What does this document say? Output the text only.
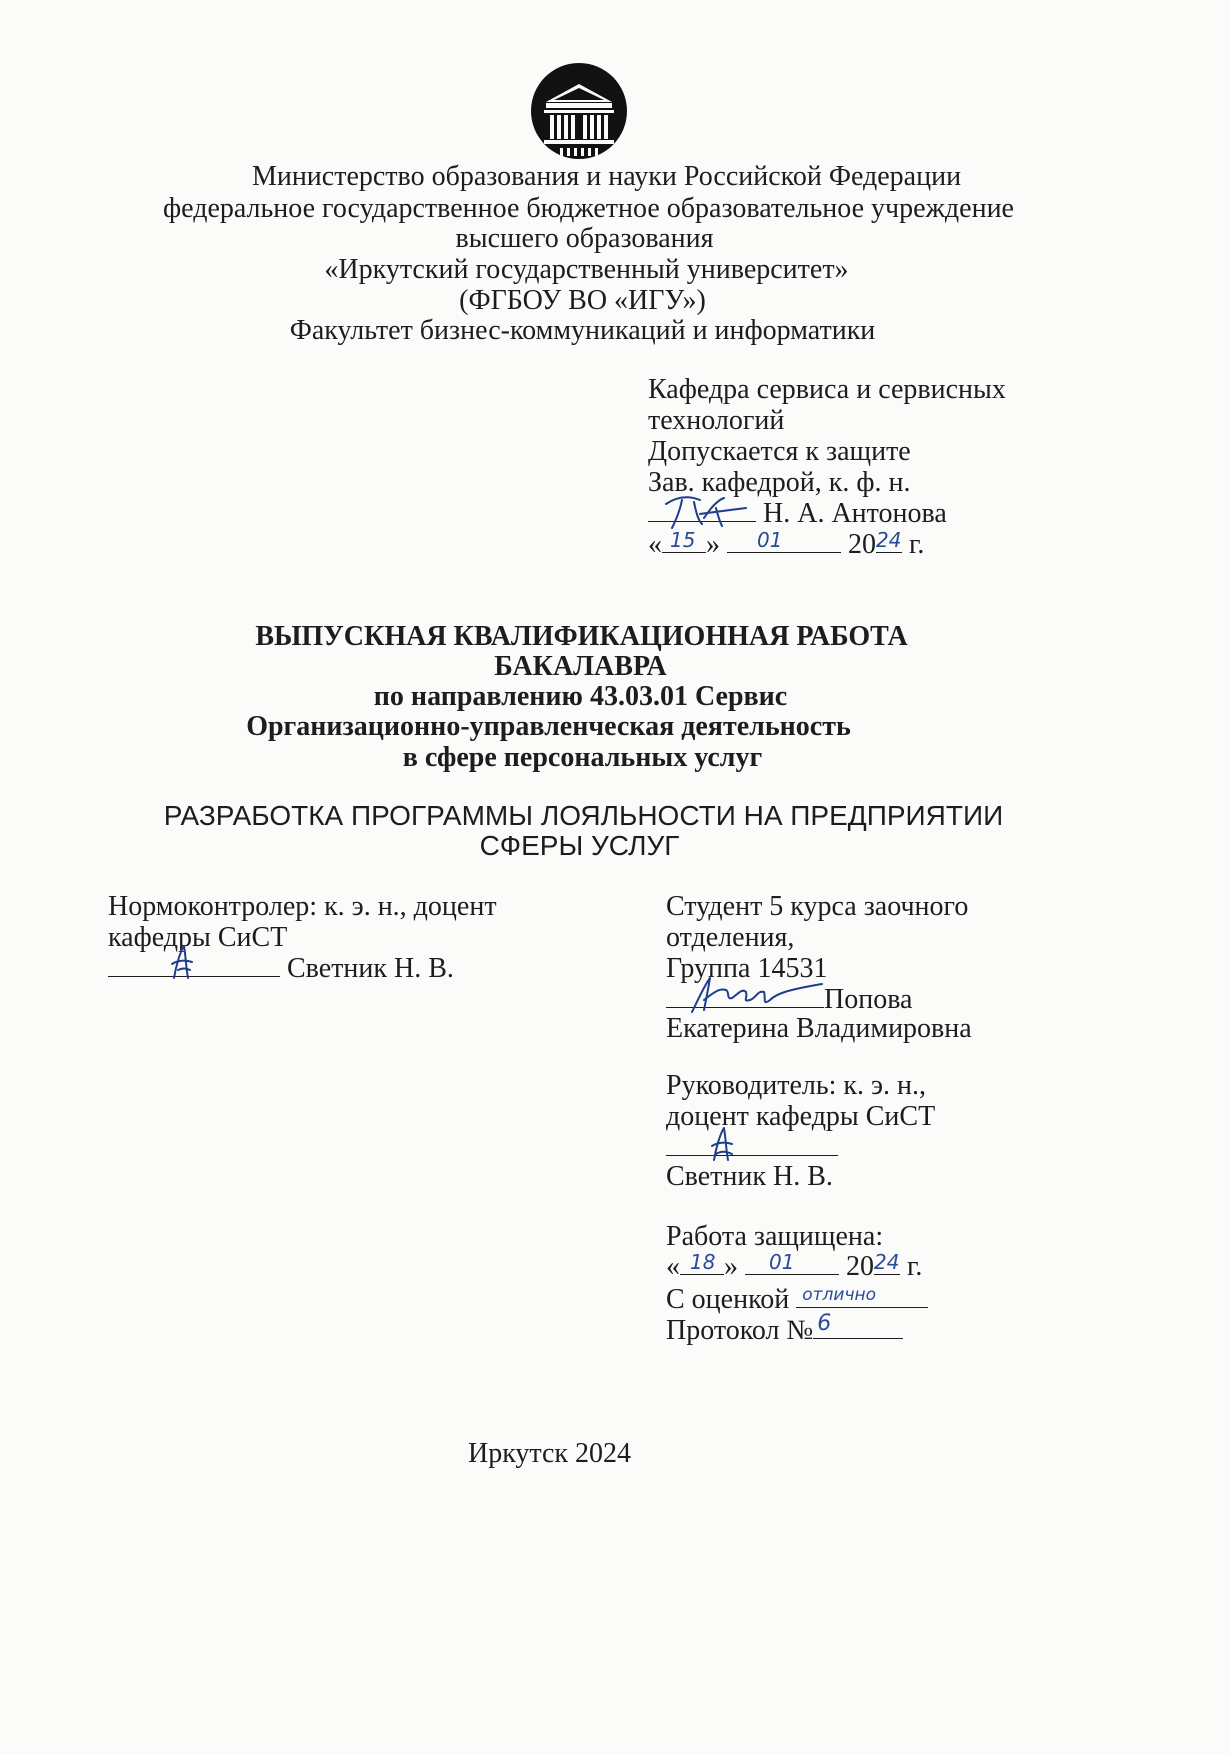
Министерство образования и науки Российской Федерации
федеральное государственное бюджетное образовательное учреждение
высшего образования
«Иркутский государственный университет»
(ФГБОУ ВО «ИГУ»)
Факультет бизнес-коммуникаций и информатики
Кафедра сервиса и сервисных
технологий
Допускается к защите
Зав. кафедрой, к. ф. н.
Н. А. Антонова
« 15 » 01 20 24 г.
ВЫПУСКНАЯ КВАЛИФИКАЦИОННАЯ РАБОТА
БАКАЛАВРА
по направлению 43.03.01 Сервис
Организационно-управленческая деятельность
в сфере персональных услуг
РАЗРАБОТКА ПРОГРАММЫ ЛОЯЛЬНОСТИ НА ПРЕДПРИЯТИИ
СФЕРЫ УСЛУГ
Нормоконтролер: к. э. н., доцент
кафедры СиСТ
Светник Н. В.
Студент 5 курса заочного
отделения,
Группа 14531
Попова
Екатерина Владимировна
Руководитель: к. э. н.,
доцент кафедры СиСТ
Светник Н. В.
Работа защищена:
« 18 » 01 20 24 г.
С оценкой отлично
Протокол № 6
Иркутск 2024
